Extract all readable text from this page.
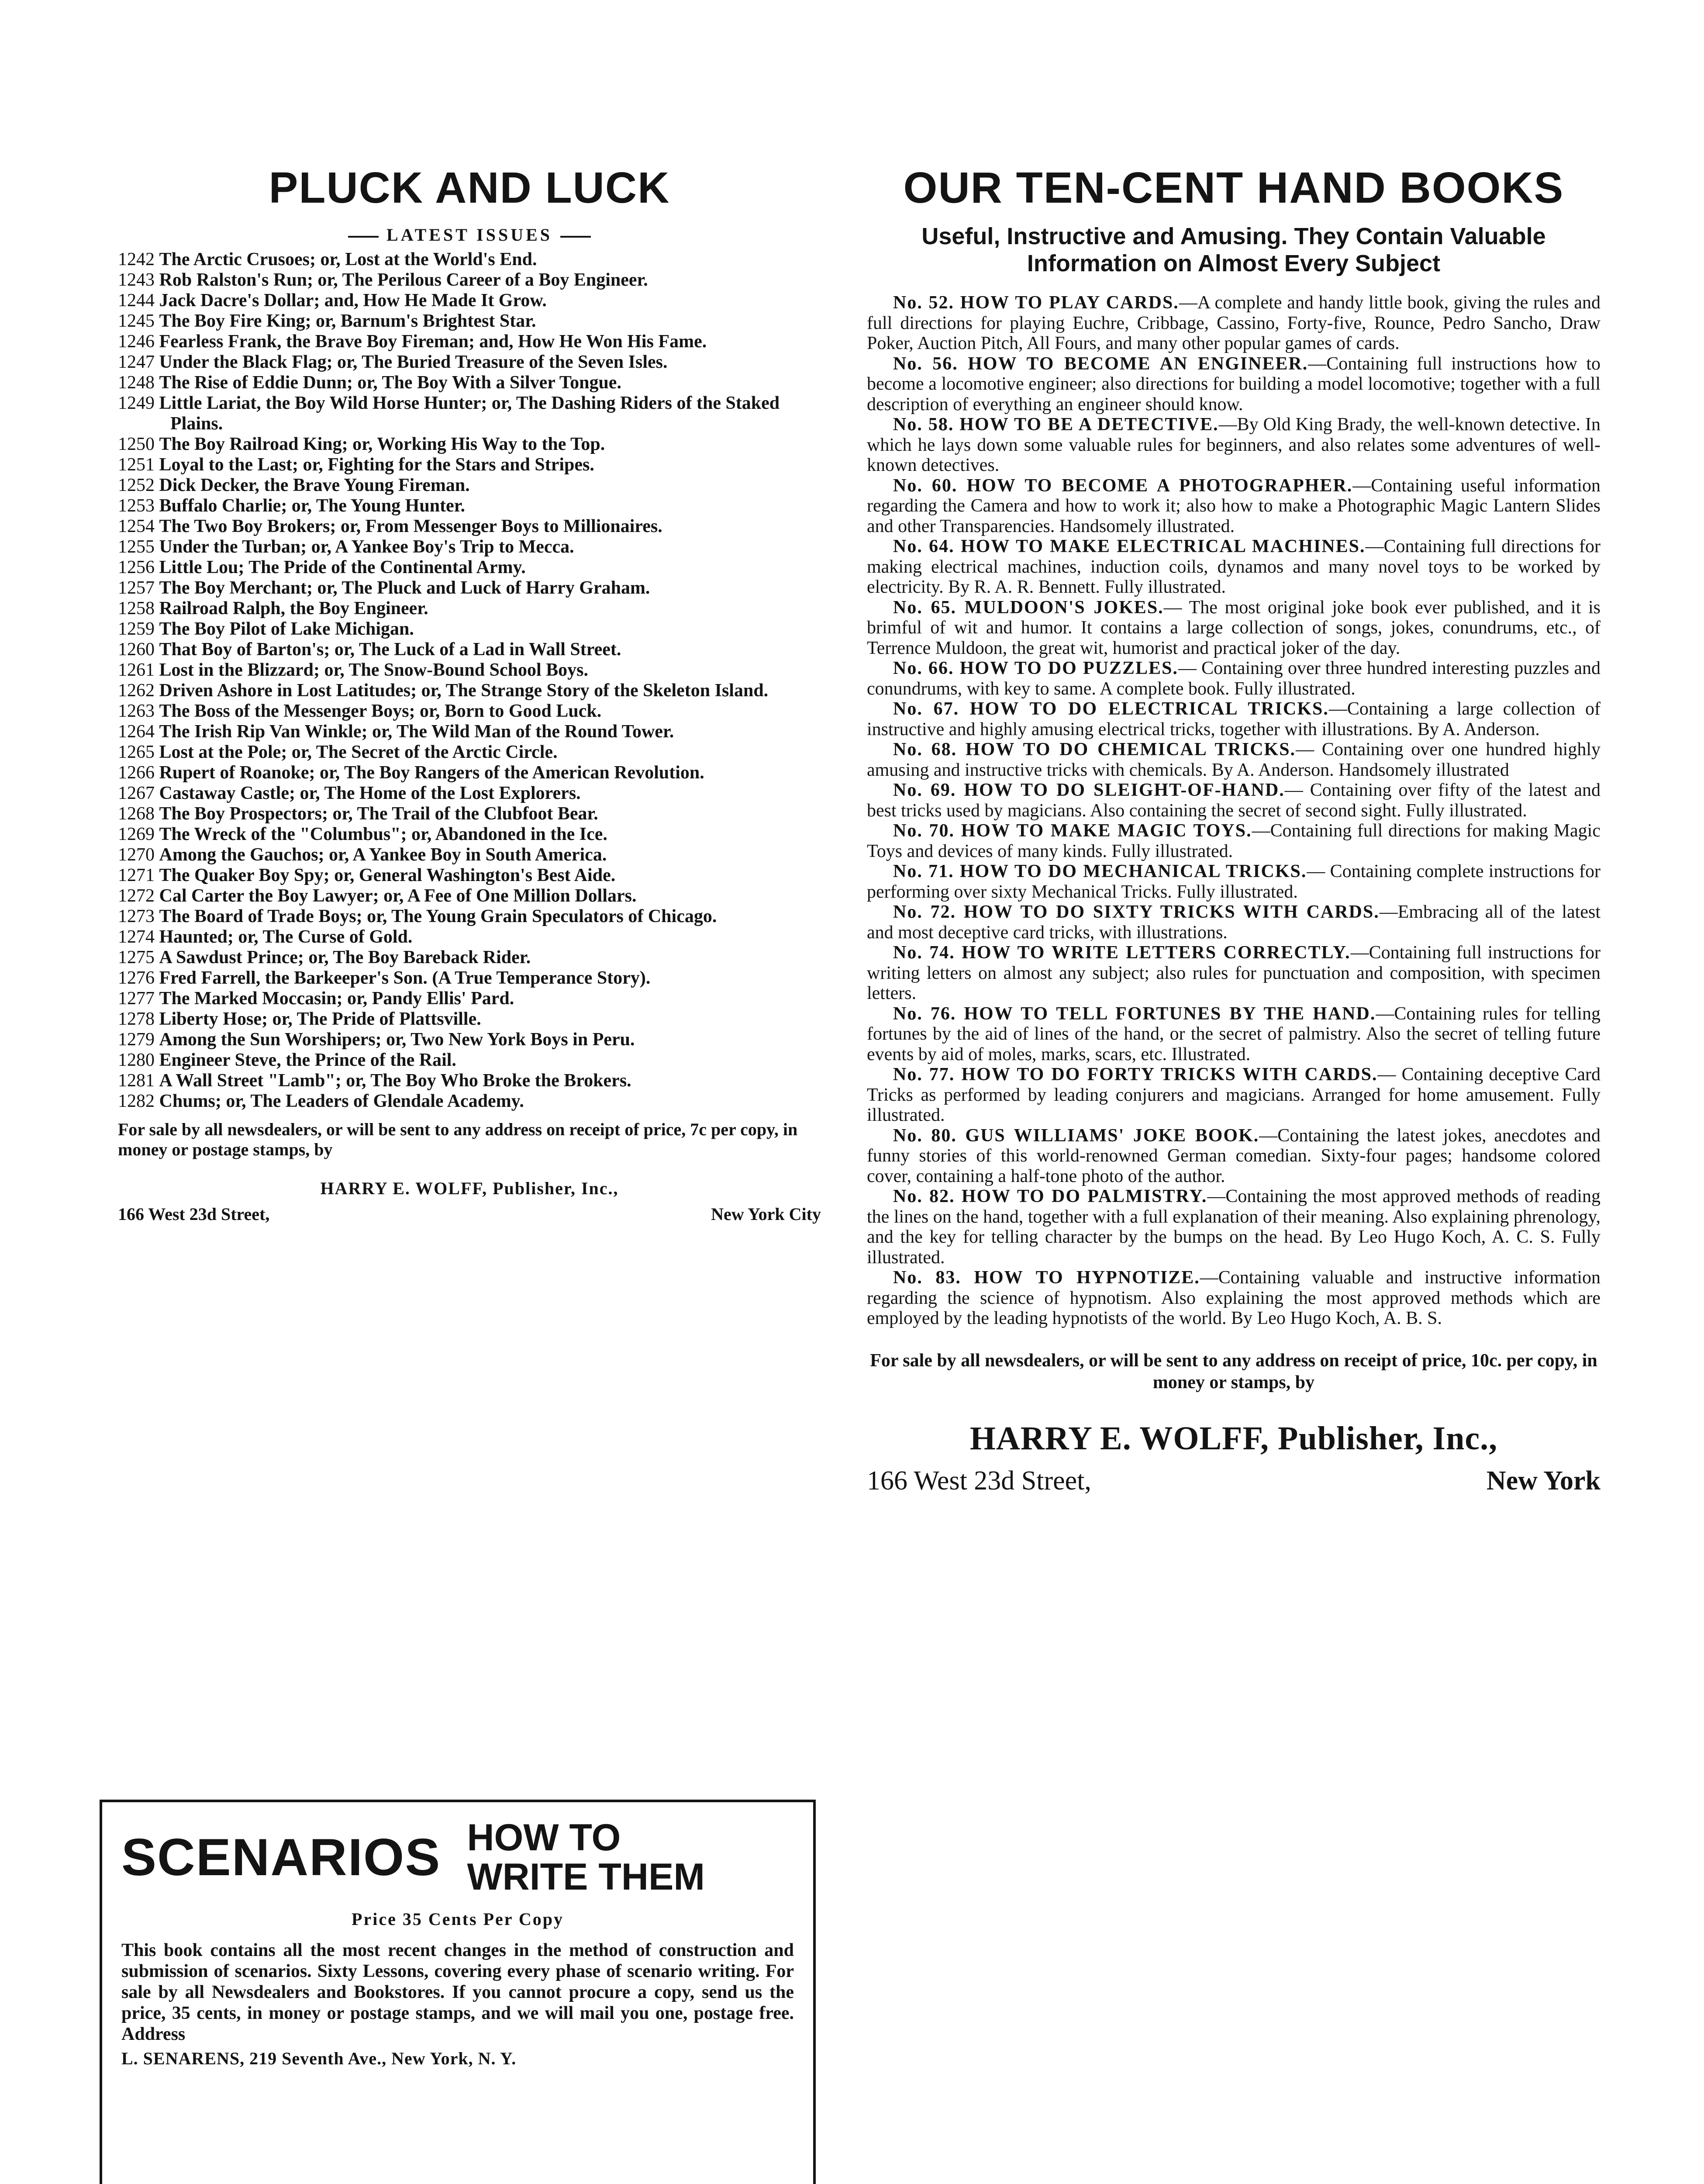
PLUCK AND LUCK
LATEST ISSUES

1242 The Arctic Crusoes; or, Lost at the World's End.

1243 Rob Ralston's Run; or, The Perilous Career of a Boy Engineer.

1244 Jack Dacre's Dollar; and, How He Made It Grow.

1245 The Boy Fire King; or, Barnum's Brightest Star.

1246 Fearless Frank, the Brave Boy Fireman; and, How He Won His Fame.

1247 Under the Black Flag; or, The Buried Treasure of the Seven Isles.

1248 The Rise of Eddie Dunn; or, The Boy With a Silver Tongue.

1249 Little Lariat, the Boy Wild Horse Hunter; or, The Dashing Riders of the Staked Plains.

1250 The Boy Railroad King; or, Working His Way to the Top.

1251 Loyal to the Last; or, Fighting for the Stars and Stripes.

1252 Dick Decker, the Brave Young Fireman.

1253 Buffalo Charlie; or, The Young Hunter.

1254 The Two Boy Brokers; or, From Messenger Boys to Millionaires.

1255 Under the Turban; or, A Yankee Boy's Trip to Mecca.

1256 Little Lou; The Pride of the Continental Army.

1257 The Boy Merchant; or, The Pluck and Luck of Harry Graham.

1258 Railroad Ralph, the Boy Engineer.

1259 The Boy Pilot of Lake Michigan.

1260 That Boy of Barton's; or, The Luck of a Lad in Wall Street.

1261 Lost in the Blizzard; or, The Snow-Bound School Boys.

1262 Driven Ashore in Lost Latitudes; or, The Strange Story of the Skeleton Island.

1263 The Boss of the Messenger Boys; or, Born to Good Luck.

1264 The Irish Rip Van Winkle; or, The Wild Man of the Round Tower.

1265 Lost at the Pole; or, The Secret of the Arctic Circle.

1266 Rupert of Roanoke; or, The Boy Rangers of the American Revolution.

1267 Castaway Castle; or, The Home of the Lost Explorers.

1268 The Boy Prospectors; or, The Trail of the Clubfoot Bear.

1269 The Wreck of the "Columbus"; or, Abandoned in the Ice.

1270 Among the Gauchos; or, A Yankee Boy in South America.

1271 The Quaker Boy Spy; or, General Washington's Best Aide.

1272 Cal Carter the Boy Lawyer; or, A Fee of One Million Dollars.

1273 The Board of Trade Boys; or, The Young Grain Speculators of Chicago.

1274 Haunted; or, The Curse of Gold.

1275 A Sawdust Prince; or, The Boy Bareback Rider.

1276 Fred Farrell, the Barkeeper's Son. (A True Temperance Story).

1277 The Marked Moccasin; or, Pandy Ellis' Pard.

1278 Liberty Hose; or, The Pride of Plattsville.

1279 Among the Sun Worshipers; or, Two New York Boys in Peru.

1280 Engineer Steve, the Prince of the Rail.

1281 A Wall Street "Lamb"; or, The Boy Who Broke the Brokers.

1282 Chums; or, The Leaders of Glendale Academy.

For sale by all newsdealers, or will be sent to any address on receipt of price, 7c per copy, in money or postage stamps, by
HARRY E. WOLFF, Publisher, Inc.,
166 West 23d Street,	New York City
SCENARIOS HOW TO
WRITE THEM
Price 35 Cents Per Copy
This book contains all the most recent changes in the method of construction and submission of scenarios. Sixty Lessons, covering every phase of scenario writing. For sale by all Newsdealers and Bookstores. If you cannot procure a copy, send us the price, 35 cents, in money or postage stamps, and we will mail you one, postage free. Address
L. SENARENS, 219 Seventh Ave., New York, N. Y.
OUR TEN-CENT HAND BOOKS
Useful, Instructive and Amusing. They Contain Valuable Information on Almost Every Subject

No. 52. HOW TO PLAY CARDS.—A complete and handy little book, giving the rules and full directions for playing Euchre, Cribbage, Cassino, Forty-five, Rounce, Pedro Sancho, Draw Poker, Auction Pitch, All Fours, and many other popular games of cards.

No. 56. HOW TO BECOME AN ENGINEER.—Containing full instructions how to become a locomotive engineer; also directions for building a model locomotive; together with a full description of everything an engineer should know.

No. 58. HOW TO BE A DETECTIVE.—By Old King Brady, the well-known detective. In which he lays down some valuable rules for beginners, and also relates some adventures of well-known detectives.

No. 60. HOW TO BECOME A PHOTOGRAPHER.—Containing useful information regarding the Camera and how to work it; also how to make a Photographic Magic Lantern Slides and other Transparencies. Handsomely illustrated.

No. 64. HOW TO MAKE ELECTRICAL MACHINES.—Containing full directions for making electrical machines, induction coils, dynamos and many novel toys to be worked by electricity. By R. A. R. Bennett. Fully illustrated.

No. 65. MULDOON'S JOKES.— The most original joke book ever published, and it is brimful of wit and humor. It contains a large collection of songs, jokes, conundrums, etc., of Terrence Muldoon, the great wit, humorist and practical joker of the day.

No. 66. HOW TO DO PUZZLES.— Containing over three hundred interesting puzzles and conundrums, with key to same. A complete book. Fully illustrated.

No. 67. HOW TO DO ELECTRICAL TRICKS.—Containing a large collection of instructive and highly amusing electrical tricks, together with illustrations. By A. Anderson.

No. 68. HOW TO DO CHEMICAL TRICKS.— Containing over one hundred highly amusing and instructive tricks with chemicals. By A. Anderson. Handsomely illustrated

No. 69. HOW TO DO SLEIGHT-OF-HAND.— Containing over fifty of the latest and best tricks used by magicians. Also containing the secret of second sight. Fully illustrated.

No. 70. HOW TO MAKE MAGIC TOYS.—Containing full directions for making Magic Toys and devices of many kinds. Fully illustrated.

No. 71. HOW TO DO MECHANICAL TRICKS.— Containing complete instructions for performing over sixty Mechanical Tricks. Fully illustrated.

No. 72. HOW TO DO SIXTY TRICKS WITH CARDS.—Embracing all of the latest and most deceptive card tricks, with illustrations.

No. 74. HOW TO WRITE LETTERS CORRECTLY.—Containing full instructions for writing letters on almost any subject; also rules for punctuation and composition, with specimen letters.

No. 76. HOW TO TELL FORTUNES BY THE HAND.—Containing rules for telling fortunes by the aid of lines of the hand, or the secret of palmistry. Also the secret of telling future events by aid of moles, marks, scars, etc. Illustrated.

No. 77. HOW TO DO FORTY TRICKS WITH CARDS.— Containing deceptive Card Tricks as performed by leading conjurers and magicians. Arranged for home amusement. Fully illustrated.

No. 80. GUS WILLIAMS' JOKE BOOK.—Containing the latest jokes, anecdotes and funny stories of this world-renowned German comedian. Sixty-four pages; handsome colored cover, containing a half-tone photo of the author.

No. 82. HOW TO DO PALMISTRY.—Containing the most approved methods of reading the lines on the hand, together with a full explanation of their meaning. Also explaining phrenology, and the key for telling character by the bumps on the head. By Leo Hugo Koch, A. C. S. Fully illustrated.

No. 83. HOW TO HYPNOTIZE.—Containing valuable and instructive information regarding the science of hypnotism. Also explaining the most approved methods which are employed by the leading hypnotists of the world. By Leo Hugo Koch, A. B. S.

For sale by all newsdealers, or will be sent to any address on receipt of price, 10c. per copy, in money or stamps, by
HARRY E. WOLFF, Publisher, Inc.,
166 West 23d Street,	New York
